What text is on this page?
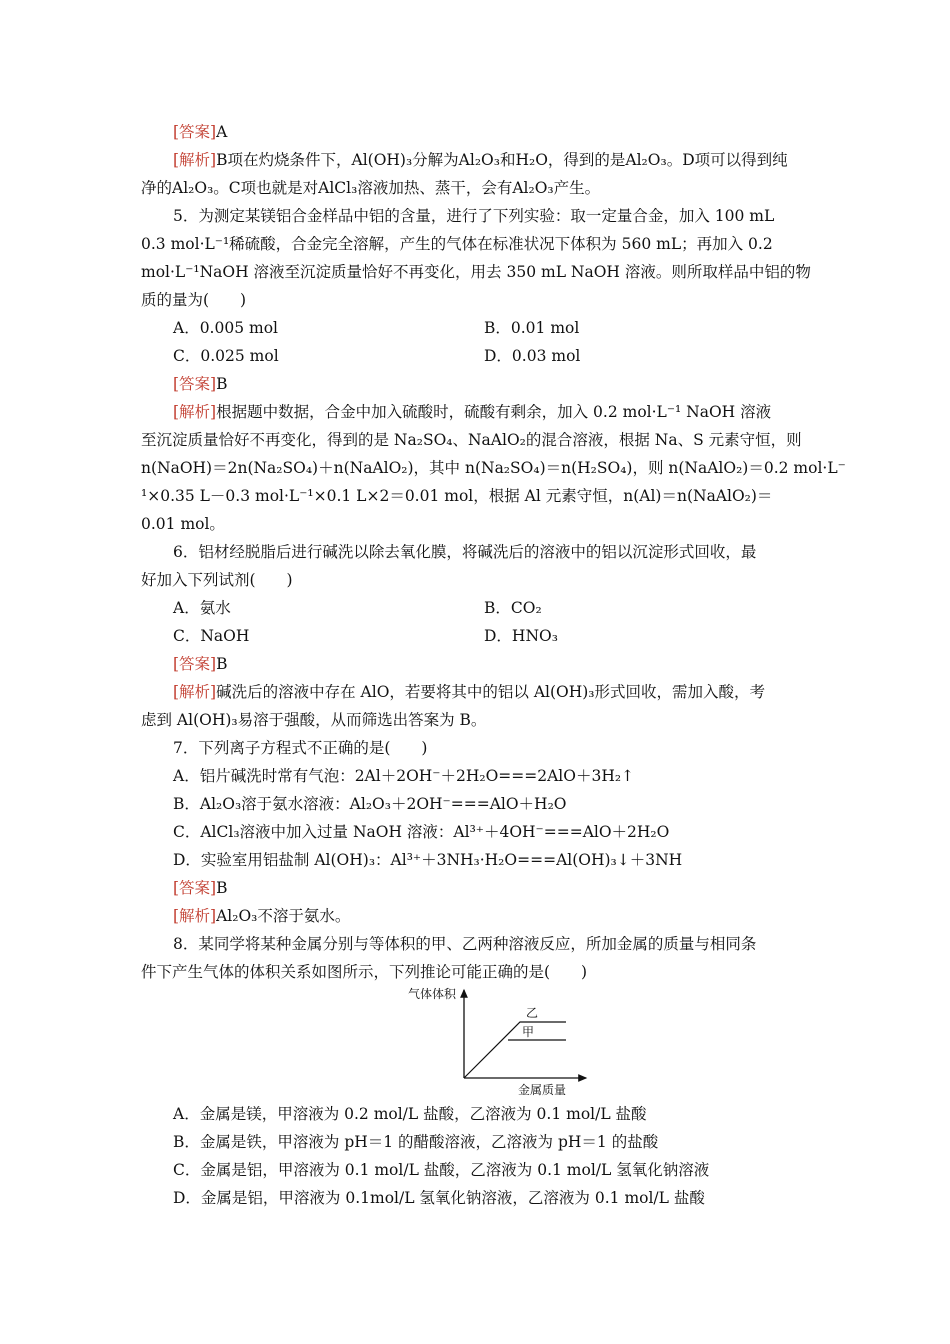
[答案]A
[解析]B项在灼烧条件下，Al(OH)₃分解为Al₂O₃和H₂O，得到的是Al₂O₃。D项可以得到纯
净的Al₂O₃。C项也就是对AlCl₃溶液加热、蒸干，会有Al₂O₃产生。
5．为测定某镁铝合金样品中铝的含量，进行了下列实验：取一定量合金，加入 100 mL
0.3 mol·L⁻¹稀硫酸，合金完全溶解，产生的气体在标准状况下体积为 560 mL；再加入 0.2
mol·L⁻¹NaOH 溶液至沉淀质量恰好不再变化，用去 350 mL NaOH 溶液。则所取样品中铝的物
质的量为(　　)
A．0.005 mol	B．0.01 mol
C．0.025 mol	D．0.03 mol
[答案]B
[解析]根据题中数据，合金中加入硫酸时，硫酸有剩余，加入 0.2 mol·L⁻¹ NaOH 溶液
至沉淀质量恰好不再变化，得到的是 Na₂SO₄、NaAlO₂的混合溶液，根据 Na、S 元素守恒，则
n(NaOH)＝2n(Na₂SO₄)＋n(NaAlO₂)，其中 n(Na₂SO₄)＝n(H₂SO₄)，则 n(NaAlO₂)＝0.2 mol·L⁻
¹×0.35 L－0.3 mol·L⁻¹×0.1 L×2＝0.01 mol，根据 Al 元素守恒，n(Al)＝n(NaAlO₂)＝
0.01 mol。
6．铝材经脱脂后进行碱洗以除去氧化膜，将碱洗后的溶液中的铝以沉淀形式回收，最
好加入下列试剂(　　)
A．氨水	B．CO₂
C．NaOH	D．HNO₃
[答案]B
[解析]碱洗后的溶液中存在 AlO，若要将其中的铝以 Al(OH)₃形式回收，需加入酸，考
虑到 Al(OH)₃易溶于强酸，从而筛选出答案为 B。
7．下列离子方程式不正确的是(　　)
A．铝片碱洗时常有气泡：2Al＋2OH⁻＋2H₂O===2AlO＋3H₂↑
B．Al₂O₃溶于氨水溶液：Al₂O₃＋2OH⁻===AlO＋H₂O
C．AlCl₃溶液中加入过量 NaOH 溶液：Al³⁺＋4OH⁻===AlO＋2H₂O
D．实验室用铝盐制 Al(OH)₃：Al³⁺＋3NH₃·H₂O===Al(OH)₃↓＋3NH
[答案]B
[解析]Al₂O₃不溶于氨水。
8．某同学将某种金属分别与等体积的甲、乙两种溶液反应，所加金属的质量与相同条
件下产生气体的体积关系如图所示，下列推论可能正确的是(　　)
气体体积
金属质量
乙
甲
A．金属是镁，甲溶液为 0.2 mol/L 盐酸，乙溶液为 0.1 mol/L 盐酸
B．金属是铁，甲溶液为 pH＝1 的醋酸溶液，乙溶液为 pH＝1 的盐酸
C．金属是铝，甲溶液为 0.1 mol/L 盐酸，乙溶液为 0.1 mol/L 氢氧化钠溶液
D．金属是铝，甲溶液为 0.1mol/L 氢氧化钠溶液，乙溶液为 0.1 mol/L 盐酸
